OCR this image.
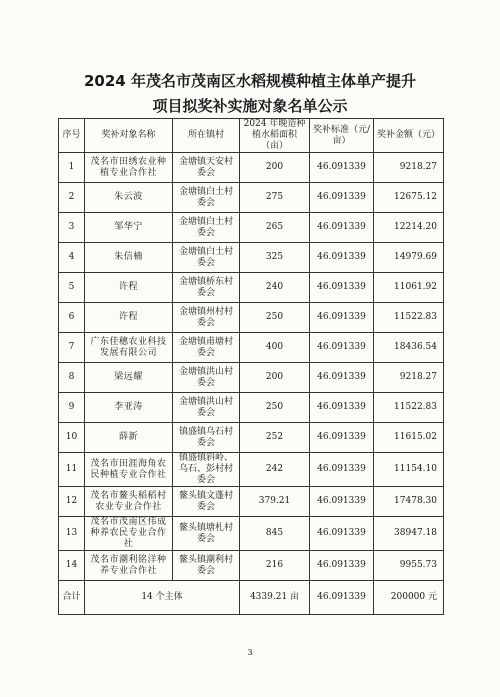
2024 年茂名市茂南区水稻规模种植主体单产提升
项目拟奖补实施对象名单公示
序号	奖补对象名称	所在镇村	2024 年晚造种植水稻面积（亩）	奖补标准（元/亩）	奖补金额（元）
1	茂名市田绣农业种植专业合作社	金塘镇天安村委会	200	46.091339	9218.27
2	朱云波	金塘镇白土村委会	275	46.091339	12675.12
3	邹华宁	金塘镇白土村委会	265	46.091339	12214.20
4	朱信楠	金塘镇白土村委会	325	46.091339	14979.69
5	许程	金塘镇桥东村委会	240	46.091339	11061.92
6	许程	金塘镇州村村委会	250	46.091339	11522.83
7	广东佳穗农业科技发展有限公司	金塘镇甫塘村委会	400	46.091339	18436.54
8	梁远耀	金塘镇洪山村委会	200	46.091339	9218.27
9	李亚涛	金塘镇洪山村委会	250	46.091339	11522.83
10	薛新	镇盛镇乌石村委会	252	46.091339	11615.02
11	茂名市田涯海角农民种植专业合作社	镇盛镇斜岭、乌石、彭村村委会	242	46.091339	11154.10
12	茂名市鳌头稻稻村农业专业合作社	鳌头镇文蓬村委会	379.21	46.091339	17478.30
13	茂名市茂南区伟成种养农民专业合作社	鳌头镇塘札村委会	845	46.091339	38947.18
14	茂名市潮利铭洋种养专业合作社	鳌头镇潮利村委会	216	46.091339	9955.73
合计	14 个主体		4339.21 亩	46.091339	200000 元
3
